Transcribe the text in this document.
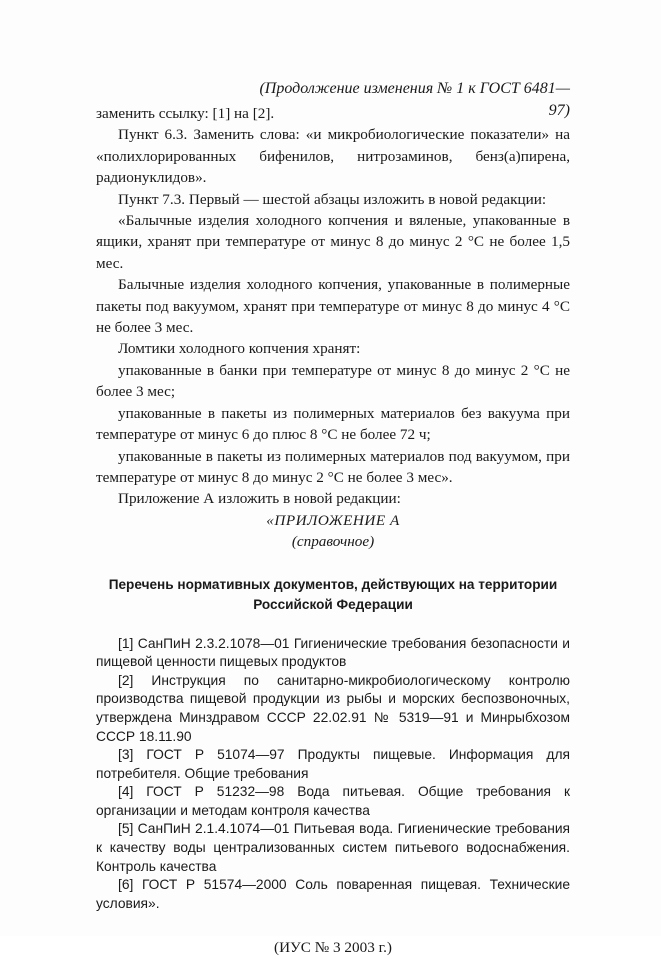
(Продолжение изменения № 1 к ГОСТ 6481—97)

заменить ссылку: [1] на [2].

Пункт 6.3. Заменить слова: «и микробиологические показатели» на «полихлорированных бифенилов, нитрозаминов, бенз(а)пирена, радионуклидов».

Пункт 7.3. Первый — шестой абзацы изложить в новой редакции:

«Балычные изделия холодного копчения и вяленые, упакованные в ящики, хранят при температуре от минус 8 до минус 2 °С не более 1,5 мес.

Балычные изделия холодного копчения, упакованные в полимерные пакеты под вакуумом, хранят при температуре от минус 8 до минус 4 °С не более 3 мес.

Ломтики холодного копчения хранят:

упакованные в банки при температуре от минус 8 до минус 2 °С не более 3 мес;

упакованные в пакеты из полимерных материалов без вакуума при температуре от минус 6 до плюс 8 °С не более 72 ч;

упакованные в пакеты из полимерных материалов под вакуумом, при температуре от минус 8 до минус 2 °С не более 3 мес».

Приложение А изложить в новой редакции:

«ПРИЛОЖЕНИЕ А

(справочное)

Перечень нормативных документов, действующих на территории Российской Федерации

[1] СанПиН 2.3.2.1078—01 Гигиенические требования безопасности и пищевой ценности пищевых продуктов

[2] Инструкция по санитарно-микробиологическому контролю производства пищевой продукции из рыбы и морских беспозвоночных, утверждена Минздравом СССР 22.02.91 № 5319—91 и Минрыбхозом СССР 18.11.90

[3] ГОСТ Р 51074—97 Продукты пищевые. Информация для потребителя. Общие требования

[4] ГОСТ Р 51232—98 Вода питьевая. Общие требования к организации и методам контроля качества

[5] СанПиН 2.1.4.1074—01 Питьевая вода. Гигиенические требования к качеству воды централизованных систем питьевого водоснабжения. Контроль качества

[6] ГОСТ Р 51574—2000 Соль поваренная пищевая. Технические условия».

(ИУС № 3 2003 г.)
